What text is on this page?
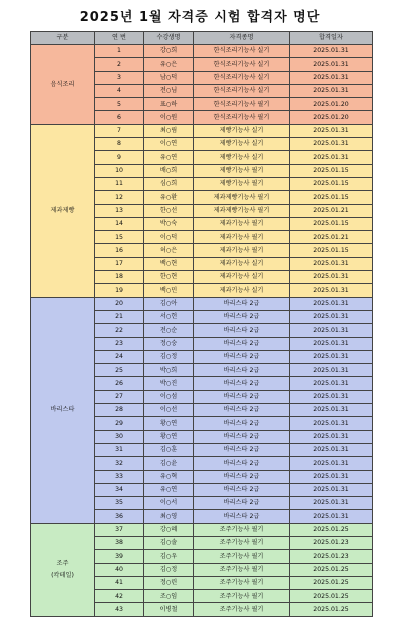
2025년 1월 자격증 시험 합격자 명단
구분	연 번	수강생명	자격종명	합격일자
음식조리	1	강○희	한식조리기능사 실기	2025.01.31
	2	유○은	한식조리기능사 실기	2025.01.31
	3	남○덕	한식조리기능사 실기	2025.01.31
	4	전○님	한식조리기능사 실기	2025.01.31
	5	표○하	한식조리기능사 필기	2025.01.20
	6	이○원	한식조리기능사 필기	2025.01.20
제과제빵	7	최○림	제빵기능사 실기	2025.01.31
	8	이○연	제빵기능사 실기	2025.01.31
	9	유○연	제빵기능사 실기	2025.01.31
	10	배○희	제빵기능사 필기	2025.01.15
	11	심○희	제빵기능사 필기	2025.01.15
	12	유○환	제과제빵기능사 필기	2025.01.15
	13	한○선	제과제빵기능사 필기	2025.01.21
	14	박○숙	제과기능사 필기	2025.01.15
	15	이○덕	제과기능사 필기	2025.01.21
	16	허○은	제과기능사 필기	2025.01.15
	17	백○현	제과기능사 실기	2025.01.31
	18	한○현	제과기능사 실기	2025.01.31
	19	백○민	제과기능사 실기	2025.01.31
바리스타	20	김○아	바리스타 2급	2025.01.31
	21	서○헌	바리스타 2급	2025.01.31
	22	전○순	바리스타 2급	2025.01.31
	23	정○숭	바리스타 2급	2025.01.31
	24	김○정	바리스타 2급	2025.01.31
	25	박○희	바리스타 2급	2025.01.31
	26	박○진	바리스타 2급	2025.01.31
	27	이○섬	바리스타 2급	2025.01.31
	28	이○선	바리스타 2급	2025.01.31
	29	황○연	바리스타 2급	2025.01.31
	30	황○연	바리스타 2급	2025.01.31
	31	김○훈	바리스타 2급	2025.01.31
	32	김○윤	바리스타 2급	2025.01.31
	33	유○혁	바리스타 2급	2025.01.31
	34	유○연	바리스타 2급	2025.01.31
	35	이○서	바리스타 2급	2025.01.31
	36	최○영	바리스타 2급	2025.01.31
조주
(칵테일)	37	강○혜	조주기능사 필기	2025.01.25
	38	김○솔	조주기능사 필기	2025.01.23
	39	김○우	조주기능사 필기	2025.01.23
	40	김○정	조주기능사 필기	2025.01.25
	41	정○린	조주기능사 필기	2025.01.25
	42	조○임	조주기능사 필기	2025.01.25
	43	이병철	조주기능사 필기	2025.01.25
